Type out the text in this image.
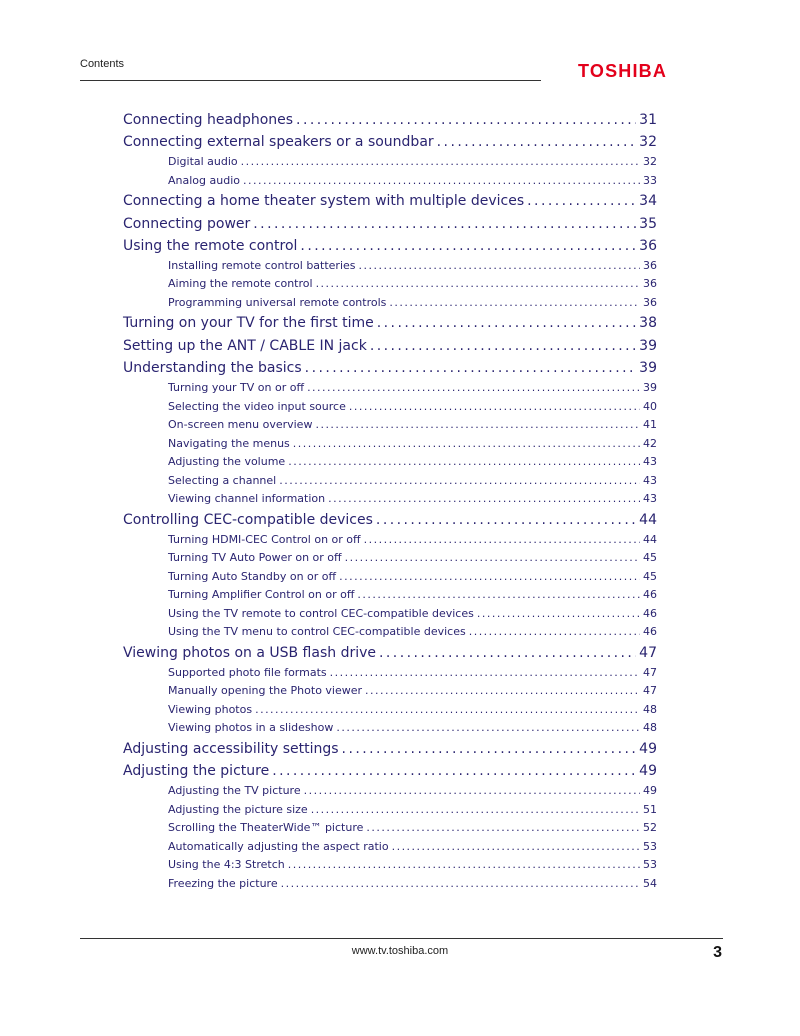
Contents	TOSHIBA
Connecting headphones . . .	31
Connecting external speakers or a soundbar . . .	32
Digital audio . . .	32
Analog audio . . .	33
Connecting a home theater system with multiple devices . . .	34
Connecting power . . .	35
Using the remote control . . .	36
Installing remote control batteries . . .	36
Aiming the remote control . . .	36
Programming universal remote controls . . .	36
Turning on your TV for the first time . . .	38
Setting up the ANT / CABLE IN jack . . .	39
Understanding the basics . . .	39
Turning your TV on or off . . .	39
Selecting the video input source . . .	40
On-screen menu overview . . .	41
Navigating the menus . . .	42
Adjusting the volume . . .	43
Selecting a channel . . .	43
Viewing channel information . . .	43
Controlling CEC-compatible devices . . .	44
Turning HDMI-CEC Control on or off . . .	44
Turning TV Auto Power on or off . . .	45
Turning Auto Standby on or off . . .	45
Turning Amplifier Control on or off . . .	46
Using the TV remote to control CEC-compatible devices . . .	46
Using the TV menu to control CEC-compatible devices . . .	46
Viewing photos on a USB flash drive . . .	47
Supported photo file formats . . .	47
Manually opening the Photo viewer . . .	47
Viewing photos . . .	48
Viewing photos in a slideshow . . .	48
Adjusting accessibility settings . . .	49
Adjusting the picture . . .	49
Adjusting the TV picture . . .	49
Adjusting the picture size . . .	51
Scrolling the TheaterWide™ picture . . .	52
Automatically adjusting the aspect ratio . . .	53
Using the 4:3 Stretch . . .	53
Freezing the picture . . .	54
www.tv.toshiba.com	3
